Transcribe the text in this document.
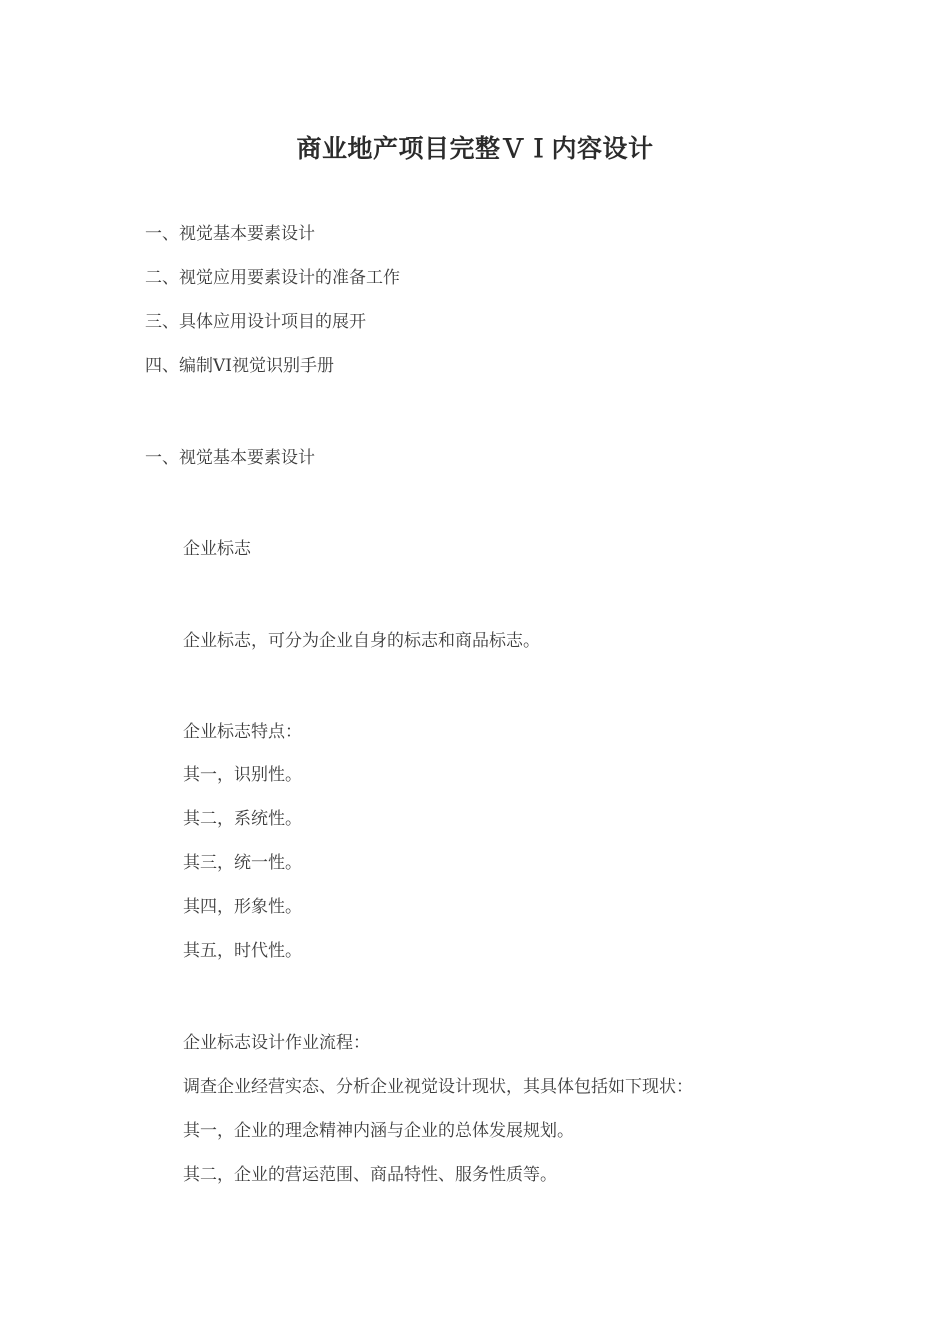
商业地产项目完整ＶＩ内容设计
一、视觉基本要素设计
二、视觉应用要素设计的准备工作
三、具体应用设计项目的展开
四、编制VI视觉识别手册
一、视觉基本要素设计
企业标志
企业标志，可分为企业自身的标志和商品标志。
企业标志特点：
其一，识别性。
其二，系统性。
其三，统一性。
其四，形象性。
其五，时代性。
企业标志设计作业流程：
调查企业经营实态、分析企业视觉设计现状，其具体包括如下现状：
其一，企业的理念精神内涵与企业的总体发展规划。
其二，企业的营运范围、商品特性、服务性质等。
